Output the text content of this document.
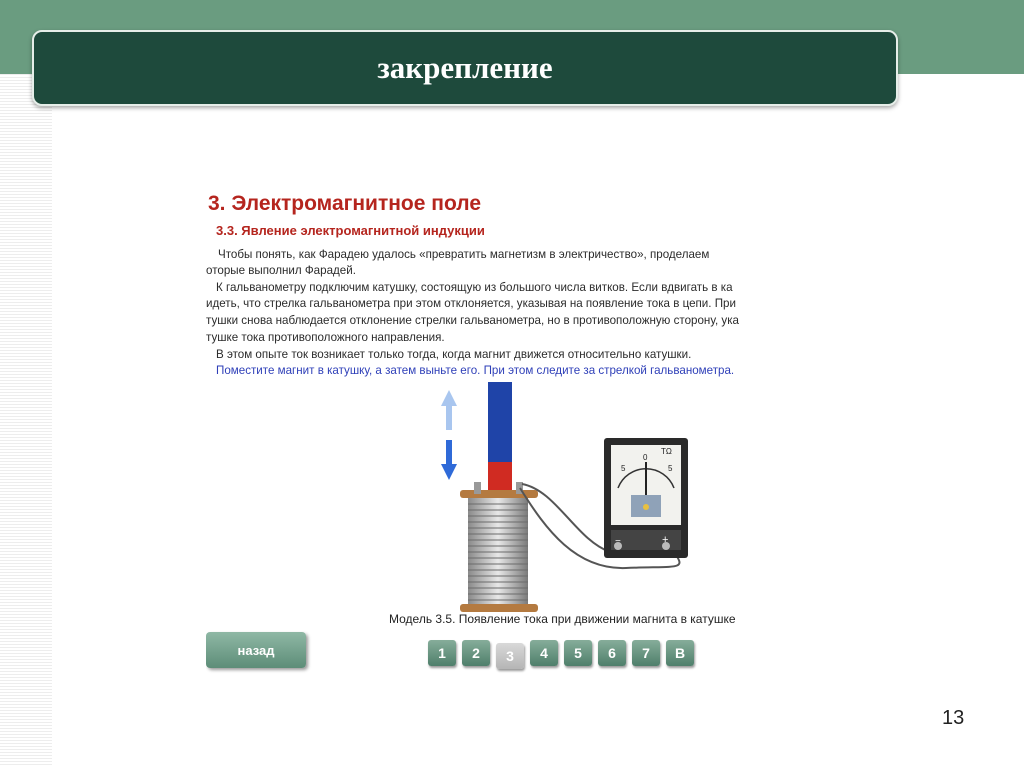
закрепление
3. Электромагнитное поле
3.3. Явление электромагнитной индукции
Чтобы понять, как Фарадею удалось «превратить магнетизм в электричество», проделаем
оторые выполнил Фарадей.
К гальванометру подключим катушку, состоящую из большого числа витков. Если вдвигать в ка
идеть, что стрелка гальванометра при этом отклоняется, указывая на появление тока в цепи. При
тушки снова наблюдается отклонение стрелки гальванометра, но в противоположную сторону, ука
тушке тока противоположного направления.
В этом опыте ток возникает только тогда, когда магнит движется относительно катушки.
Поместите магнит в катушку, а затем выньте его. При этом следите за стрелкой гальванометра.
5
0
5
ТΩ
−	+
Модель 3.5. Появление тока при движении магнита в катушке
назад	1	2	3	4	5	6	7	В
13
